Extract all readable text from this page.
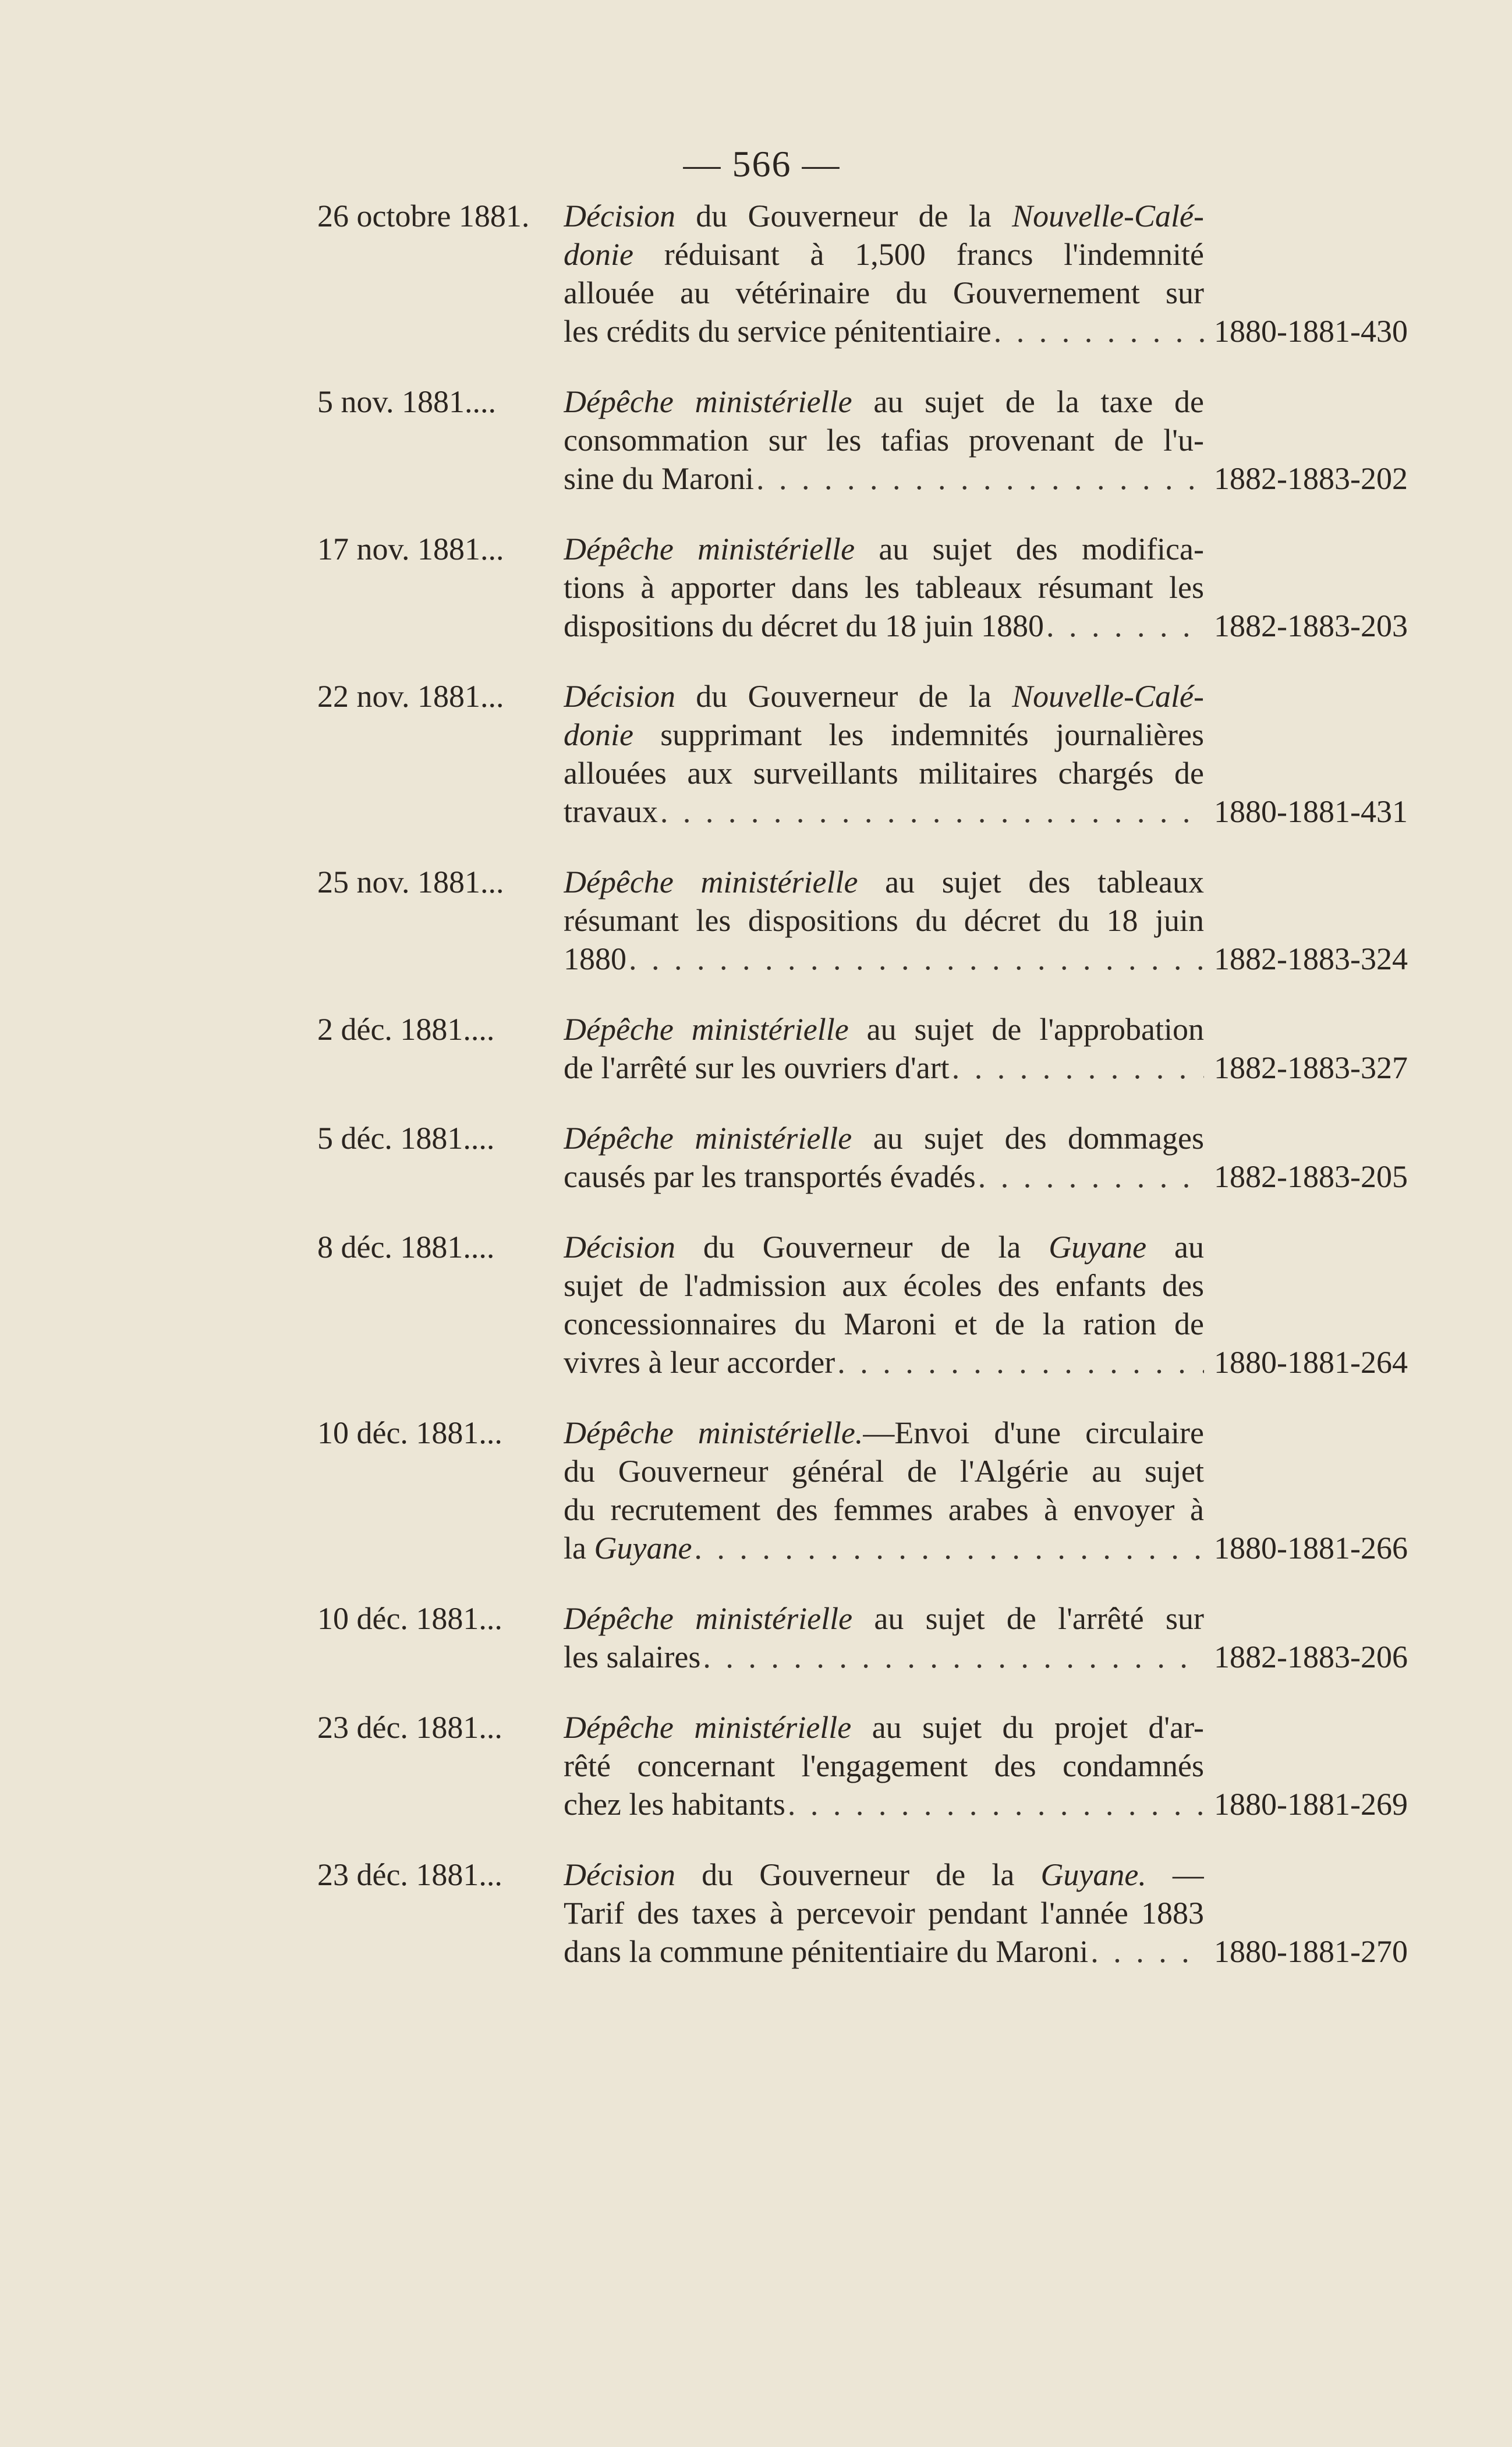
— 566 —
26 octobre 1881. Décision du Gouverneur de la Nouvelle-Calé-
donie réduisant à 1,500 francs l'indemnité
allouée au vétérinaire du Gouvernement sur
les crédits du service pénitentiaire . . .	1880-1881-430
5 nov. 1881.... Dépêche ministérielle au sujet de la taxe de
consommation sur les tafias provenant de l'u-
sine du Maroni . . .	1882-1883-202
17 nov. 1881... Dépêche ministérielle au sujet des modifica-
tions à apporter dans les tableaux résumant les
dispositions du décret du 18 juin 1880 . . .	1882-1883-203
22 nov. 1881... Décision du Gouverneur de la Nouvelle-Calé-
donie supprimant les indemnités journalières
allouées aux surveillants militaires chargés de
travaux . . .	1880-1881-431
25 nov. 1881... Dépêche ministérielle au sujet des tableaux
résumant les dispositions du décret du 18 juin
1880 . . .	1882-1883-324
2 déc. 1881.... Dépêche ministérielle au sujet de l'approbation
de l'arrêté sur les ouvriers d'art . . .	1882-1883-327
5 déc. 1881.... Dépêche ministérielle au sujet des dommages
causés par les transportés évadés . . .	1882-1883-205
8 déc. 1881.... Décision du Gouverneur de la Guyane au
sujet de l'admission aux écoles des enfants des
concessionnaires du Maroni et de la ration de
vivres à leur accorder . . .	1880-1881-264
10 déc. 1881... Dépêche ministérielle.—Envoi d'une circulaire
du Gouverneur général de l'Algérie au sujet
du recrutement des femmes arabes à envoyer à
la Guyane . . .	1880-1881-266
10 déc. 1881... Dépêche ministérielle au sujet de l'arrêté sur
les salaires . . .	1882-1883-206
23 déc. 1881... Dépêche ministérielle au sujet du projet d'ar-
rêté concernant l'engagement des condamnés
chez les habitants . . .	1880-1881-269
23 déc. 1881... Décision du Gouverneur de la Guyane. —
Tarif des taxes à percevoir pendant l'année 1883
dans la commune pénitentiaire du Maroni . . .	1880-1881-270
